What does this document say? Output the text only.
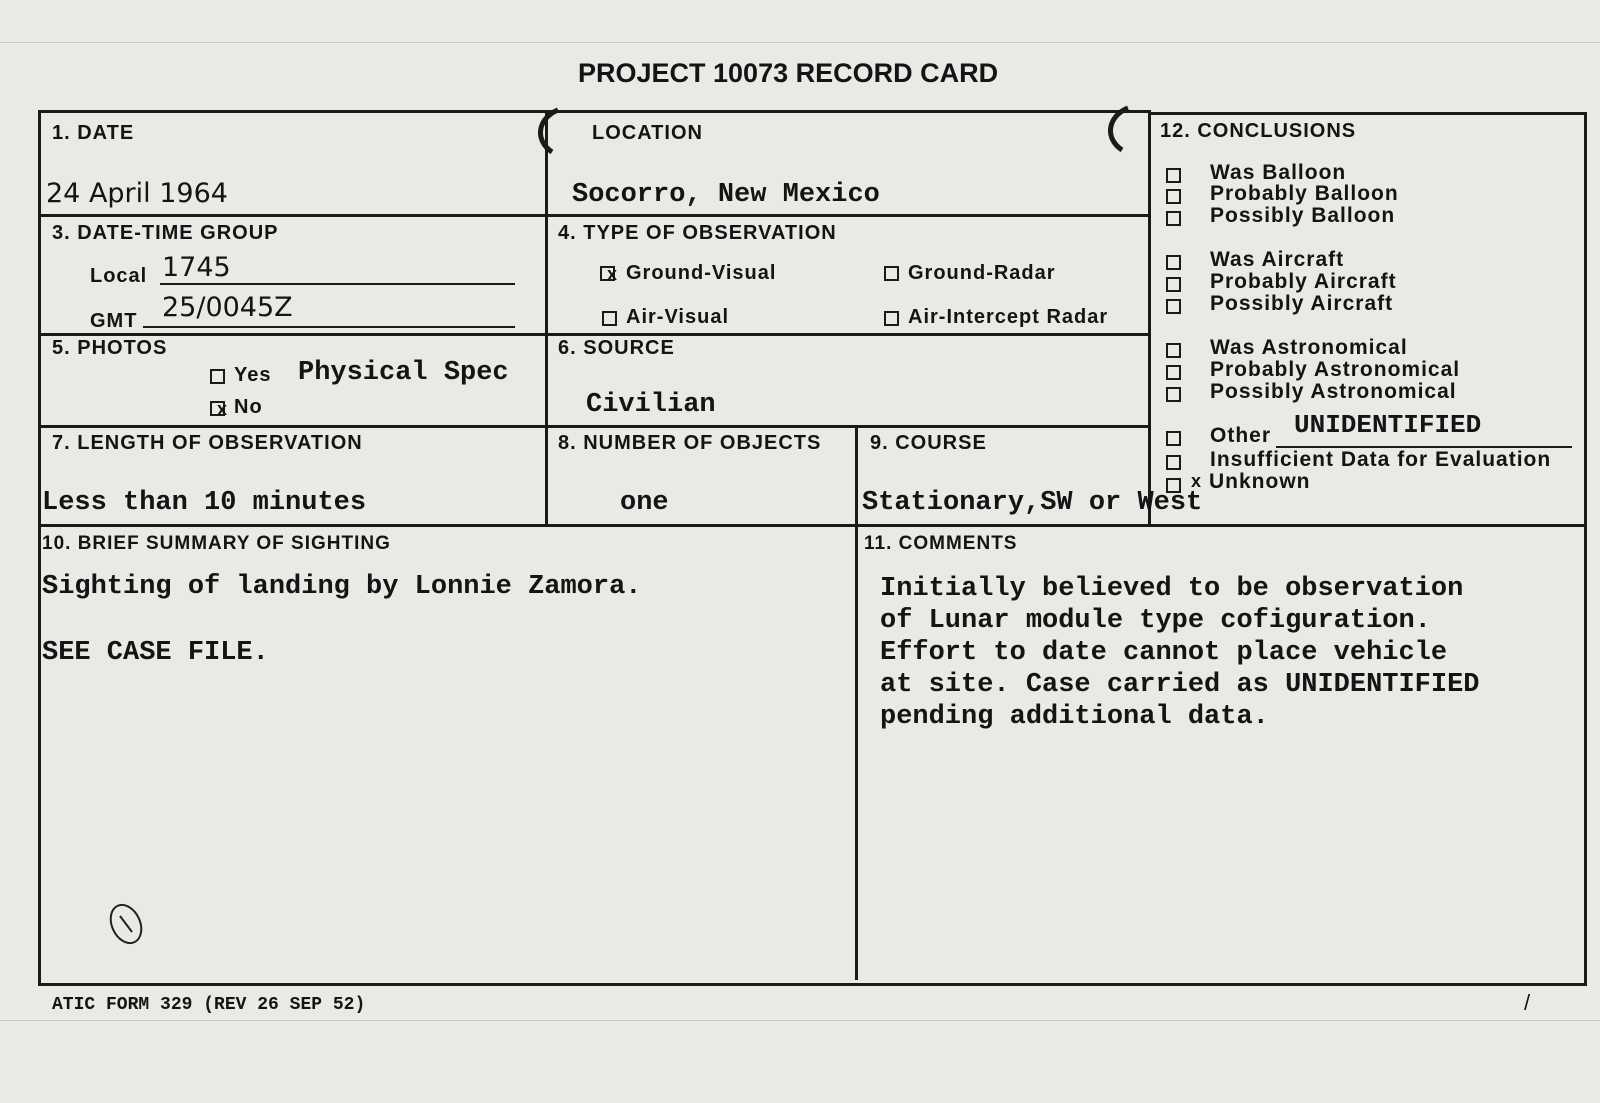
PROJECT 10073 RECORD CARD
1. DATE
24 April 1964
LOCATION
Socorro, New Mexico
3. DATE-TIME GROUP
Local 1745
GMT 25/0045Z
4. TYPE OF OBSERVATION
x Ground-Visual	Ground-Radar
Air-Visual	Air-Intercept Radar
5. PHOTOS
Yes Physical Spec
x No
6. SOURCE
Civilian
7. LENGTH OF OBSERVATION
Less than 10 minutes
8. NUMBER OF OBJECTS
one
9. COURSE
Stationary,SW or West
10. BRIEF SUMMARY OF SIGHTING
Sighting of landing by Lonnie Zamora.
SEE CASE FILE.
11. COMMENTS
Initially believed to be observation
of Lunar module type cofiguration.
Effort to date cannot place vehicle
at site. Case carried as UNIDENTIFIED
pending additional data.
12. CONCLUSIONS
Was Balloon
Probably Balloon
Possibly Balloon
Was Aircraft
Probably Aircraft
Possibly Aircraft
Was Astronomical
Probably Astronomical
Possibly Astronomical
Other UNIDENTIFIED
Insufficient Data for Evaluation
x Unknown
ATIC FORM 329 (REV 26 SEP 52)	/
